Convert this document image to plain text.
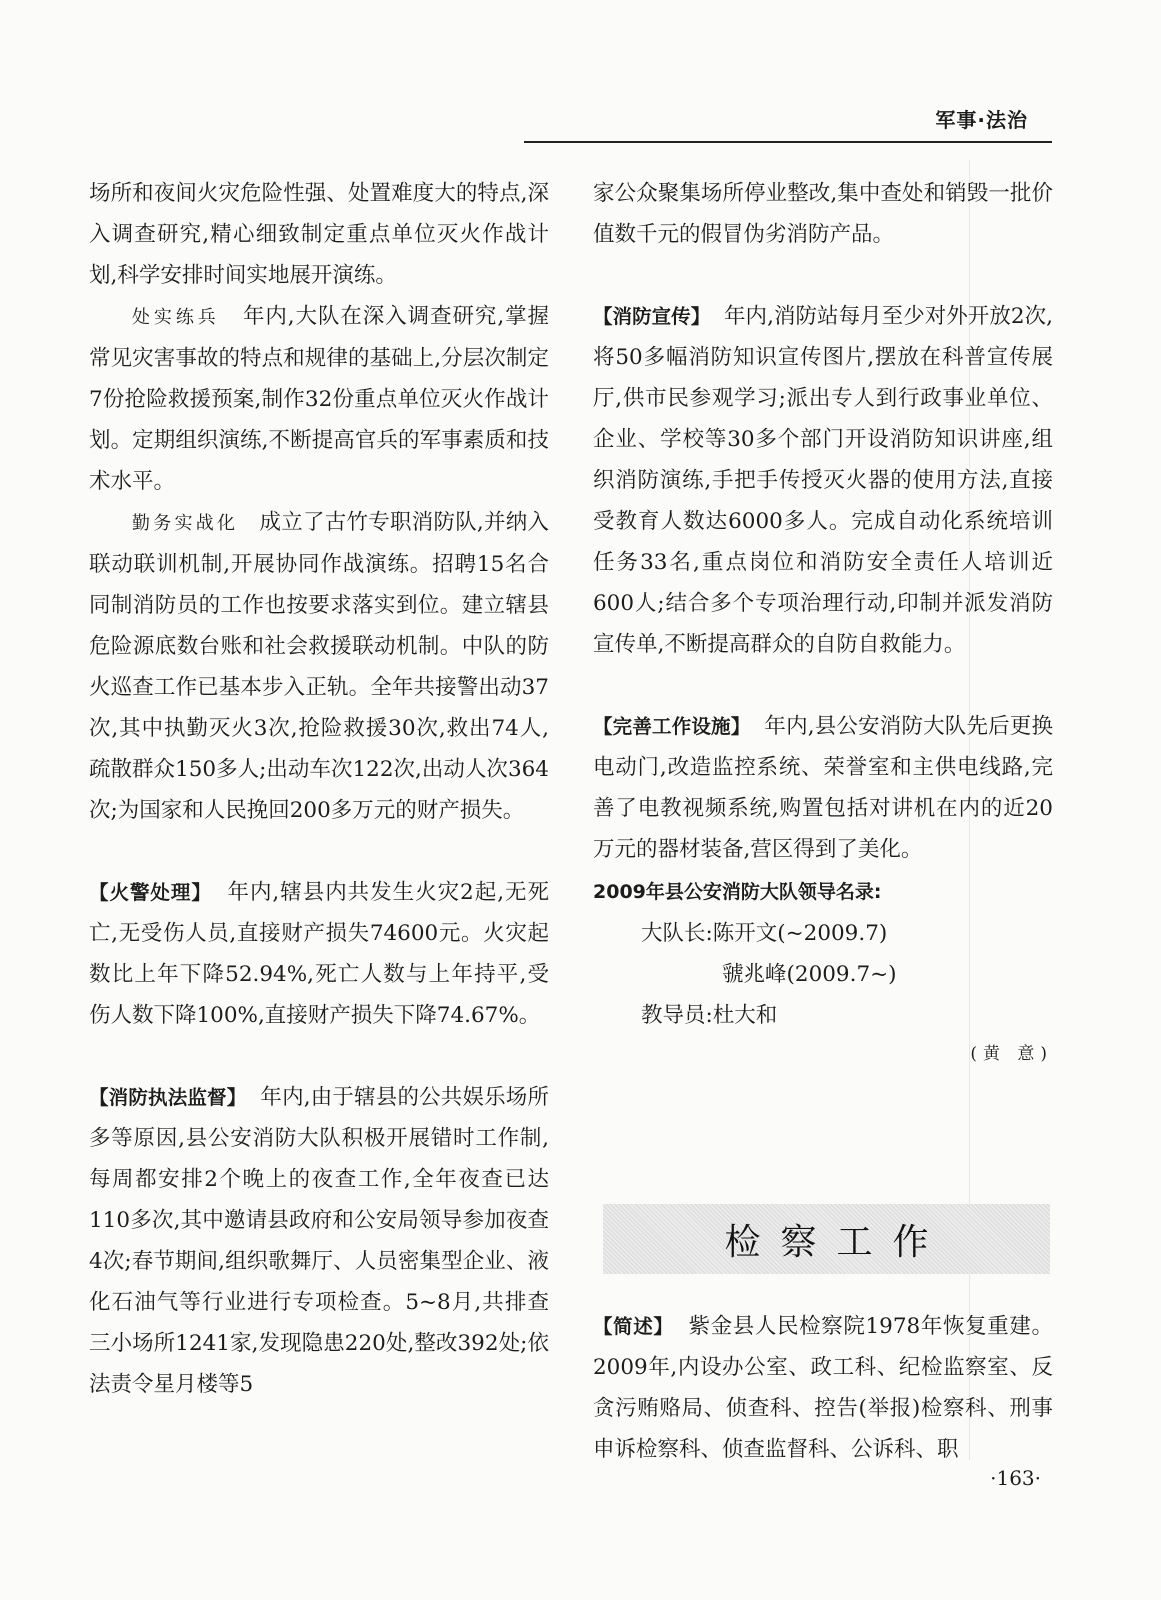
军事·法治

场所和夜间火灾危险性强、处置难度大的特点,深入调查研究,精心细致制定重点单位灭火作战计划,科学安排时间实地展开演练。

处实练兵 年内,大队在深入调查研究,掌握常见灾害事故的特点和规律的基础上,分层次制定7份抢险救援预案,制作32份重点单位灭火作战计划。定期组织演练,不断提高官兵的军事素质和技术水平。

勤务实战化 成立了古竹专职消防队,并纳入联动联训机制,开展协同作战演练。招聘15名合同制消防员的工作也按要求落实到位。建立辖县危险源底数台账和社会救援联动机制。中队的防火巡查工作已基本步入正轨。全年共接警出动37次,其中执勤灭火3次,抢险救援30次,救出74人,疏散群众150多人;出动车次122次,出动人次364次;为国家和人民挽回200多万元的财产损失。

【火警处理】 年内,辖县内共发生火灾2起,无死亡,无受伤人员,直接财产损失74600元。火灾起数比上年下降52.94%,死亡人数与上年持平,受伤人数下降100%,直接财产损失下降74.67%。

【消防执法监督】 年内,由于辖县的公共娱乐场所多等原因,县公安消防大队积极开展错时工作制,每周都安排2个晚上的夜查工作,全年夜查已达110多次,其中邀请县政府和公安局领导参加夜查4次;春节期间,组织歌舞厅、人员密集型企业、液化石油气等行业进行专项检查。5~8月,共排查三小场所1241家,发现隐患220处,整改392处;依法责令星月楼等5

家公众聚集场所停业整改,集中查处和销毁一批价值数千元的假冒伪劣消防产品。

【消防宣传】 年内,消防站每月至少对外开放2次,将50多幅消防知识宣传图片,摆放在科普宣传展厅,供市民参观学习;派出专人到行政事业单位、企业、学校等30多个部门开设消防知识讲座,组织消防演练,手把手传授灭火器的使用方法,直接受教育人数达6000多人。完成自动化系统培训任务33名,重点岗位和消防安全责任人培训近600人;结合多个专项治理行动,印制并派发消防宣传单,不断提高群众的自防自救能力。

【完善工作设施】 年内,县公安消防大队先后更换电动门,改造监控系统、荣誉室和主供电线路,完善了电教视频系统,购置包括对讲机在内的近20万元的器材装备,营区得到了美化。

2009年县公安消防大队领导名录:

大队长:陈开文(~2009.7)

虢兆峰(2009.7~)

教导员:杜大和

(黄 意)

检察工作

【简述】 紫金县人民检察院1978年恢复重建。2009年,内设办公室、政工科、纪检监察室、反贪污贿赂局、侦查科、控告(举报)检察科、刑事申诉检察科、侦查监督科、公诉科、职

·163·
